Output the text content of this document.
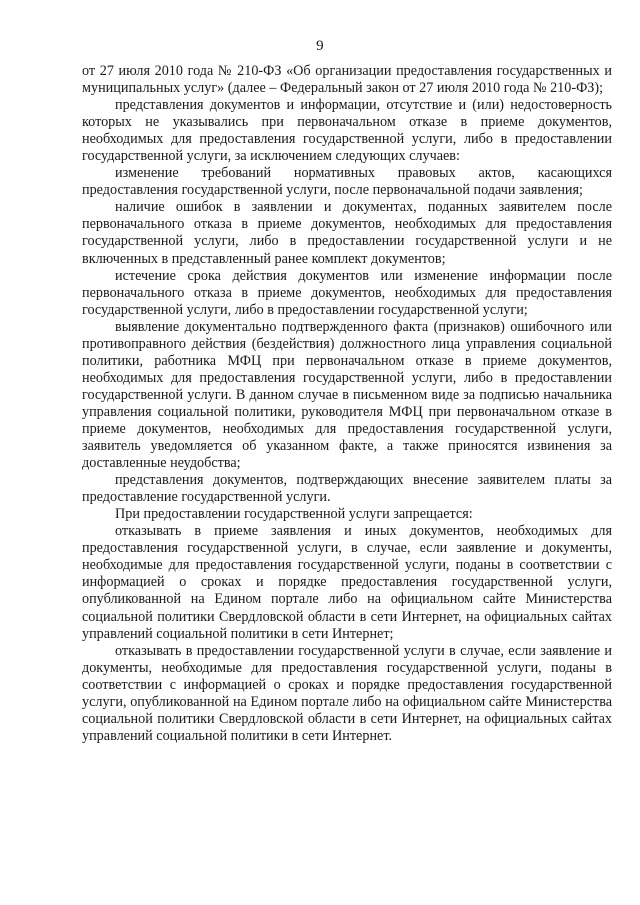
9

от 27 июля 2010 года № 210-ФЗ «Об организации предоставления государственных и муниципальных услуг» (далее – Федеральный закон от 27 июля 2010 года № 210-ФЗ);

представления документов и информации, отсутствие и (или) недостоверность которых не указывались при первоначальном отказе в приеме документов, необходимых для предоставления государственной услуги, либо в предоставлении государственной услуги, за исключением следующих случаев:

изменение требований нормативных правовых актов, касающихся предоставления государственной услуги, после первоначальной подачи заявления;

наличие ошибок в заявлении и документах, поданных заявителем после первоначального отказа в приеме документов, необходимых для предоставления государственной услуги, либо в предоставлении государственной услуги и не включенных в представленный ранее комплект документов;

истечение срока действия документов или изменение информации после первоначального отказа в приеме документов, необходимых для предоставления государственной услуги, либо в предоставлении государственной услуги;

выявление документально подтвержденного факта (признаков) ошибочного или противоправного действия (бездействия) должностного лица управления социальной политики, работника МФЦ при первоначальном отказе в приеме документов, необходимых для предоставления государственной услуги, либо в предоставлении государственной услуги. В данном случае в письменном виде за подписью начальника управления социальной политики, руководителя МФЦ при первоначальном отказе в приеме документов, необходимых для предоставления государственной услуги, заявитель уведомляется об указанном факте, а также приносятся извинения за доставленные неудобства;

представления документов, подтверждающих внесение заявителем платы за предоставление государственной услуги.

При предоставлении государственной услуги запрещается:

отказывать в приеме заявления и иных документов, необходимых для предоставления государственной услуги, в случае, если заявление и документы, необходимые для предоставления государственной услуги, поданы в соответствии с информацией о сроках и порядке предоставления государственной услуги, опубликованной на Едином портале либо на официальном сайте Министерства социальной политики Свердловской области в сети Интернет, на официальных сайтах управлений социальной политики в сети Интернет;

отказывать в предоставлении государственной услуги в случае, если заявление и документы, необходимые для предоставления государственной услуги, поданы в соответствии с информацией о сроках и порядке предоставления государственной услуги, опубликованной на Едином портале либо на официальном сайте Министерства социальной политики Свердловской области в сети Интернет, на официальных сайтах управлений социальной политики в сети Интернет.
